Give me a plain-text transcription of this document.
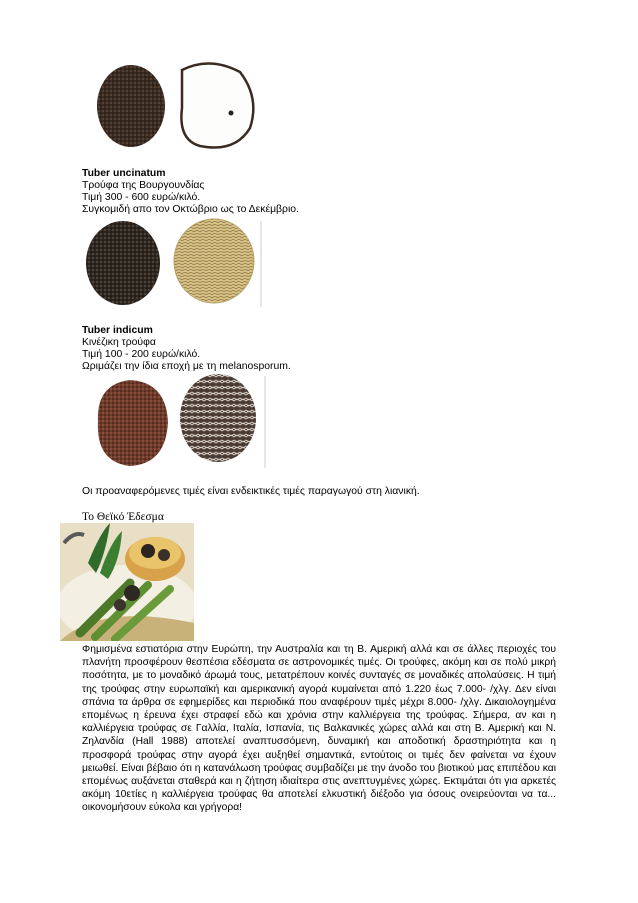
Tuber uncinatum
Τρούφα της Βουργουνδίας
Τιμή 300 - 600 ευρώ/κιλό.
Συγκομιδή απο τον Οκτώβριο ως το Δεκέμβριο.
Tuber indicum
Κινέζικη τρούφα
Τιμή 100 - 200 ευρώ/κιλό.
Ωριμάζει την ίδια εποχή με τη melanosporum.
Οι προαναφερόμενες τιμές είναι ενδεικτικές τιμές παραγωγού στη λιανική.
Το Θεϊκό Έδεσμα
Φημισμένα εστιατόρια στην Ευρώπη, την Αυστραλία και τη Β. Αμερική αλλά και σε άλλες περιοχές του πλανήτη προσφέρουν θεσπέσια εδέσματα σε αστρονομικές τιμές. Οι τρούφες, ακόμη και σε πολύ μικρή ποσότητα, με το μοναδικό άρωμά τους, μετατρέπουν κοινές συνταγές σε μοναδικές απολαύσεις. Η τιμή της τρούφας στην ευρωπαϊκή και αμερικανική αγορά κυμαίνεται από 1.220 έως 7.000- /χλγ. Δεν είναι σπάνια τα άρθρα σε εφημερίδες και περιοδικά που αναφέρουν τιμές μέχρι 8.000- /χλγ. Δικαιολογημένα επομένως η έρευνα έχει στραφεί εδώ και χρόνια στην καλλιέργεια της τρούφας. Σήμερα, αν και η καλλιέργεια τρούφας σε Γαλλία, Ιταλία, Ισπανία, τις Βαλκανικές χώρες αλλά και στη Β. Αμερική και Ν. Ζηλανδία (Hall 1988) αποτελεί αναπτυσσόμενη, δυναμική και αποδοτική δραστηριότητα και η προσφορά τρούφας στην αγορά έχει αυξηθεί σημαντικά, εντούτοις οι τιμές δεν φαίνεται να έχουν μειωθεί. Είναι βέβαιο ότι η κατανάλωση τρούφας συμβαδίζει με την άνοδο του βιοτικού μας επιπέδου και επομένως αυξάνεται σταθερά και η ζήτηση ιδιαίτερα στις ανεπτυγμένες χώρες. Εκτιμάται ότι για αρκετές ακόμη 10ετίες η καλλιέργεια τρούφας θα αποτελεί ελκυστική διέξοδο για όσους ονειρεύονται να τα... οικονομήσουν εύκολα και γρήγορα!
